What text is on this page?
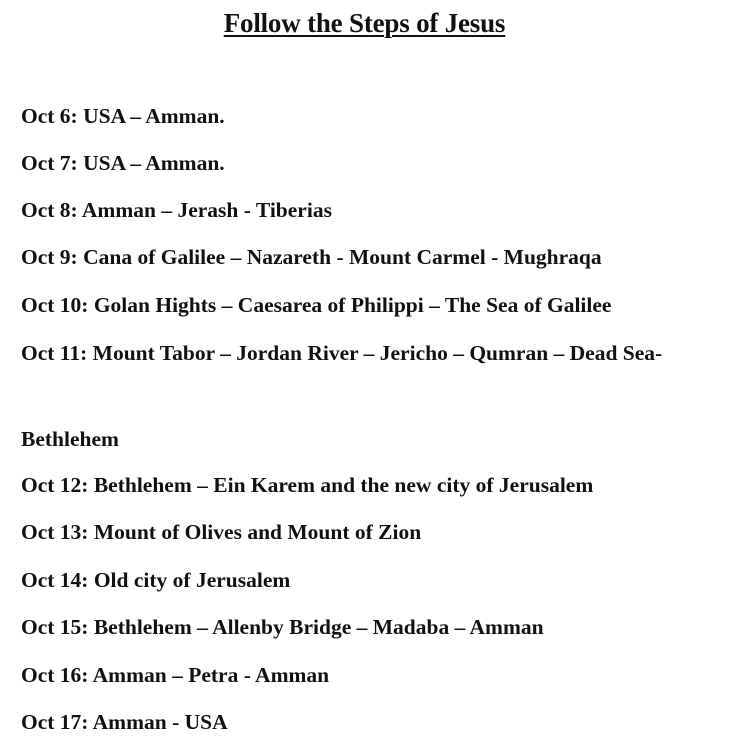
Follow the Steps of Jesus

Oct 6: USA – Amman.

Oct 7: USA – Amman.

Oct 8: Amman – Jerash - Tiberias

Oct 9: Cana of Galilee – Nazareth - Mount Carmel - Mughraqa

Oct 10: Golan Hights – Caesarea of Philippi – The Sea of Galilee

Oct 11: Mount Tabor – Jordan River – Jericho – Qumran – Dead Sea-

Bethlehem

Oct 12: Bethlehem – Ein Karem and the new city of Jerusalem

Oct 13: Mount of Olives and Mount of Zion

Oct 14: Old city of Jerusalem

Oct 15: Bethlehem – Allenby Bridge – Madaba – Amman

Oct 16: Amman – Petra - Amman

Oct 17: Amman - USA
